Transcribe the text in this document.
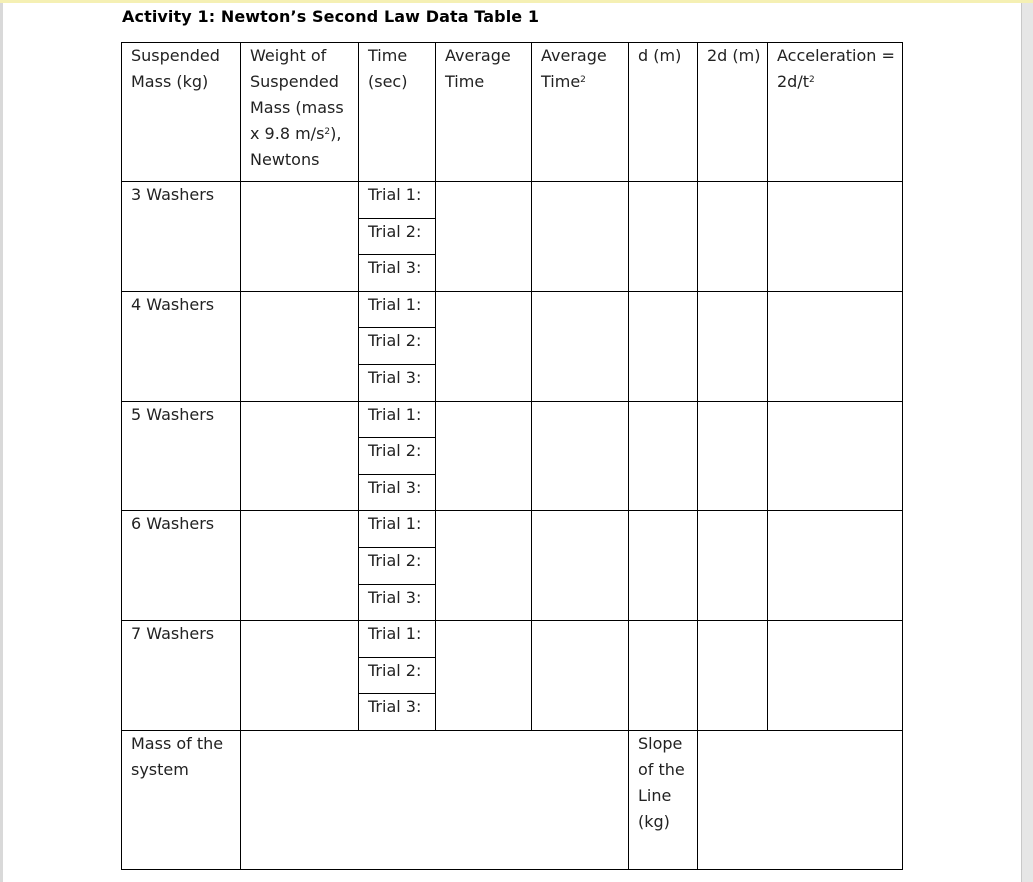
Activity 1: Newton’s Second Law Data Table 1
Suspended Mass (kg)	Weight of Suspended Mass (mass x 9.8 $m/s^2$), Newtons	Time (sec)	Average Time	Average Time$^2$	d (m)	2d (m)	Acceleration = $2d/t^2$

3 Washers		Trial 1:					

		Trial 2:					

		Trial 3:					

4 Washers		Trial 1:					

		Trial 2:					

		Trial 3:					

5 Washers		Trial 1:					

		Trial 2:					

		Trial 3:					

6 Washers		Trial 1:					

		Trial 2:					

		Trial 3:					

7 Washers		Trial 1:					

		Trial 2:					

		Trial 3:					

Mass of the system					Slope of the Line (kg)		
